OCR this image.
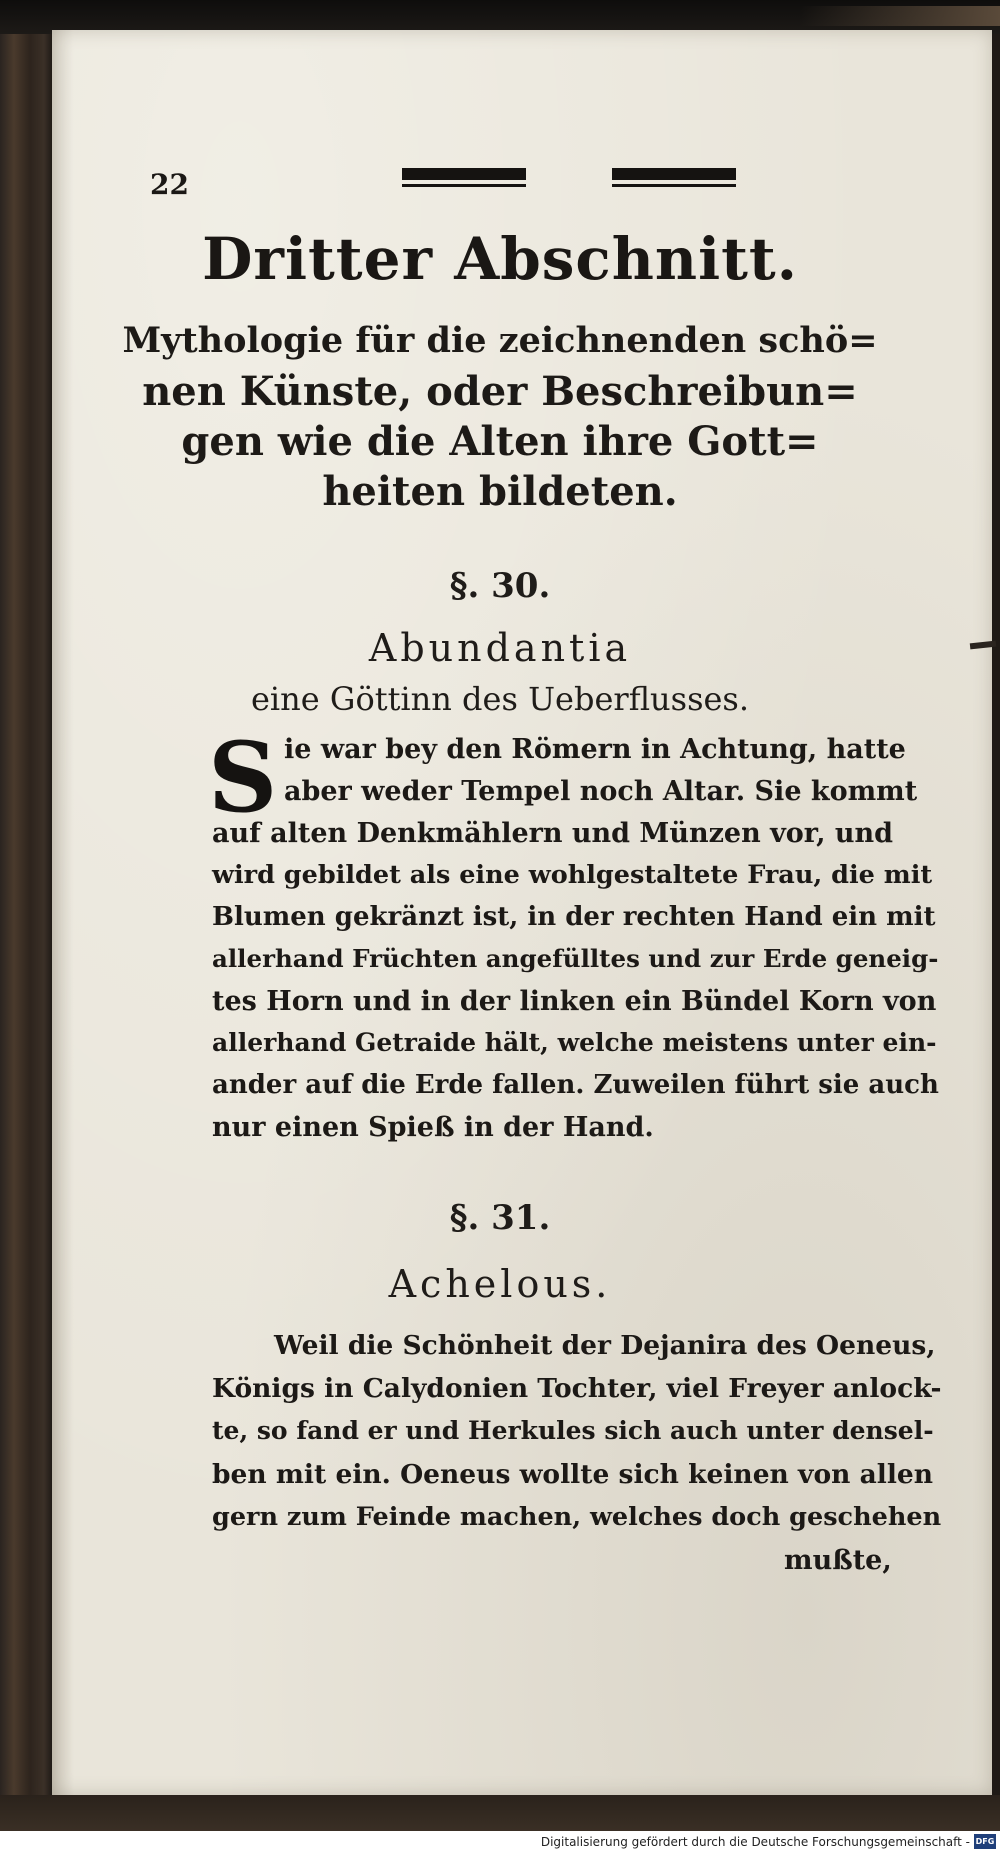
22
Dritter Abschnitt.
Mythologie für die zeichnenden schö=
nen Künste, oder Beschreibun=
gen wie die Alten ihre Gott=
heiten bildeten.
§. 30.
Abundantia
eine Göttinn des Ueberflusses.
S ie war bey den Römern in Achtung, hatte
aber weder Tempel noch Altar. Sie kommt
auf alten Denkmählern und Münzen vor, und
wird gebildet als eine wohlgestaltete Frau, die mit
Blumen gekränzt ist, in der rechten Hand ein mit
allerhand Früchten angefülltes und zur Erde geneig-
tes Horn und in der linken ein Bündel Korn von
allerhand Getraide hält, welche meistens unter ein-
ander auf die Erde fallen. Zuweilen führt sie auch
nur einen Spieß in der Hand.
§. 31.
Achelous.
Weil die Schönheit der Dejanira des Oeneus,
Königs in Calydonien Tochter, viel Freyer anlock-
te, so fand er und Herkules sich auch unter densel-
ben mit ein. Oeneus wollte sich keinen von allen
gern zum Feinde machen, welches doch geschehen
mußte,
Digitalisierung gefördert durch die Deutsche Forschungsgemeinschaft - DFG
